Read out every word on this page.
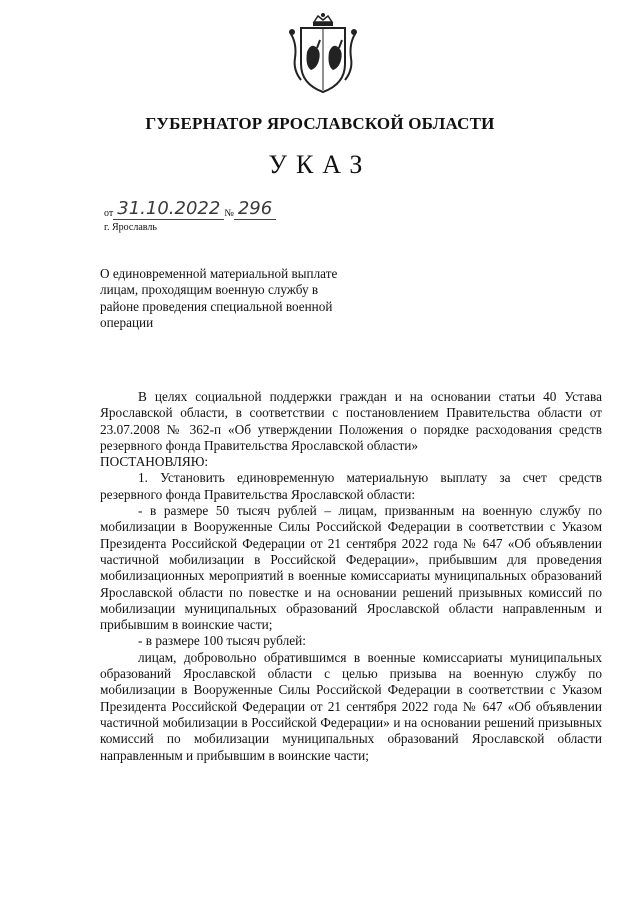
ГУБЕРНАТОР ЯРОСЛАВСКОЙ ОБЛАСТИ
УКАЗ
от 31.10.2022 № 296
г. Ярославль
О единовременной материальной выплате лицам, проходящим военную службу в районе проведения специальной военной операции

В целях социальной поддержки граждан и на основании статьи 40 Устава Ярославской области, в соответствии с постановлением Правительства области от 23.07.2008 № 362-п «Об утверждении Положения о порядке расходования средств резервного фонда Правительства Ярославской области»

ПОСТАНОВЛЯЮ:

1. Установить единовременную материальную выплату за счет средств резервного фонда Правительства Ярославской области:

- в размере 50 тысяч рублей – лицам, призванным на военную службу по мобилизации в Вооруженные Силы Российской Федерации в соответствии с Указом Президента Российской Федерации от 21 сентября 2022 года № 647 «Об объявлении частичной мобилизации в Российской Федерации», прибывшим для проведения мобилизационных мероприятий в военные комиссариаты муниципальных образований Ярославской области по повестке и на основании решений призывных комиссий по мобилизации муниципальных образований Ярославской области направленным и прибывшим в воинские части;

- в размере 100 тысяч рублей:

лицам, добровольно обратившимся в военные комиссариаты муниципальных образований Ярославской области с целью призыва на военную службу по мобилизации в Вооруженные Силы Российской Федерации в соответствии с Указом Президента Российской Федерации от 21 сентября 2022 года № 647 «Об объявлении частичной мобилизации в Российской Федерации» и на основании решений призывных комиссий по мобилизации муниципальных образований Ярославской области направленным и прибывшим в воинские части;
